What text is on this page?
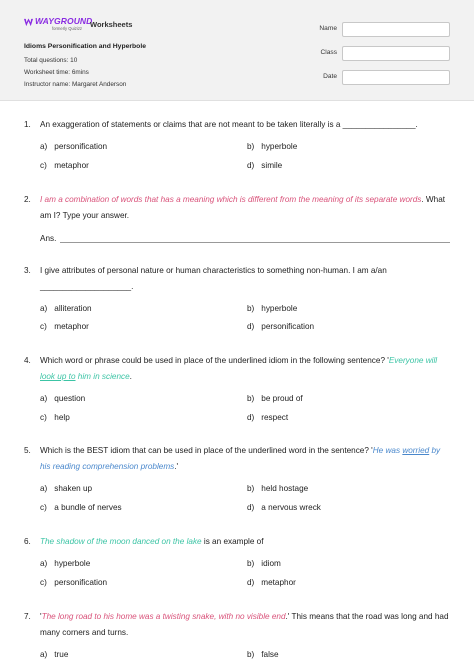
WAYGROUND
formerly Quizizz	Worksheets
Idioms Personification and Hyperbole
Total questions: 10
Worksheet time: 6mins
Instructor name: Margaret Anderson
Name
Class
Date
1. An exaggeration of statements or claims that are not meant to be taken literally is a ________________.
a) personification	b) hyperbole
c) metaphor	d) simile
2. I am a combination of words that has a meaning which is different from the meaning of its separate words. What am I? Type your answer.
Ans.
3. I give attributes of personal nature or human characteristics to something non-human. I am a/an ____________________.
a) alliteration	b) hyperbole
c) metaphor	d) personification
4. Which word or phrase could be used in place of the underlined idiom in the following sentence? 'Everyone will look up to him in science.
a) question	b) be proud of
c) help	d) respect
5. Which is the BEST idiom that can be used in place of the underlined word in the sentence? 'He was worried by his reading comprehension problems.'
a) shaken up	b) held hostage
c) a bundle of nerves	d) a nervous wreck
6. The shadow of the moon danced on the lake is an example of
a) hyperbole	b) idiom
c) personification	d) metaphor
7. 'The long road to his home was a twisting snake, with no visible end.' This means that the road was long and had many corners and turns.
a) true	b) false
